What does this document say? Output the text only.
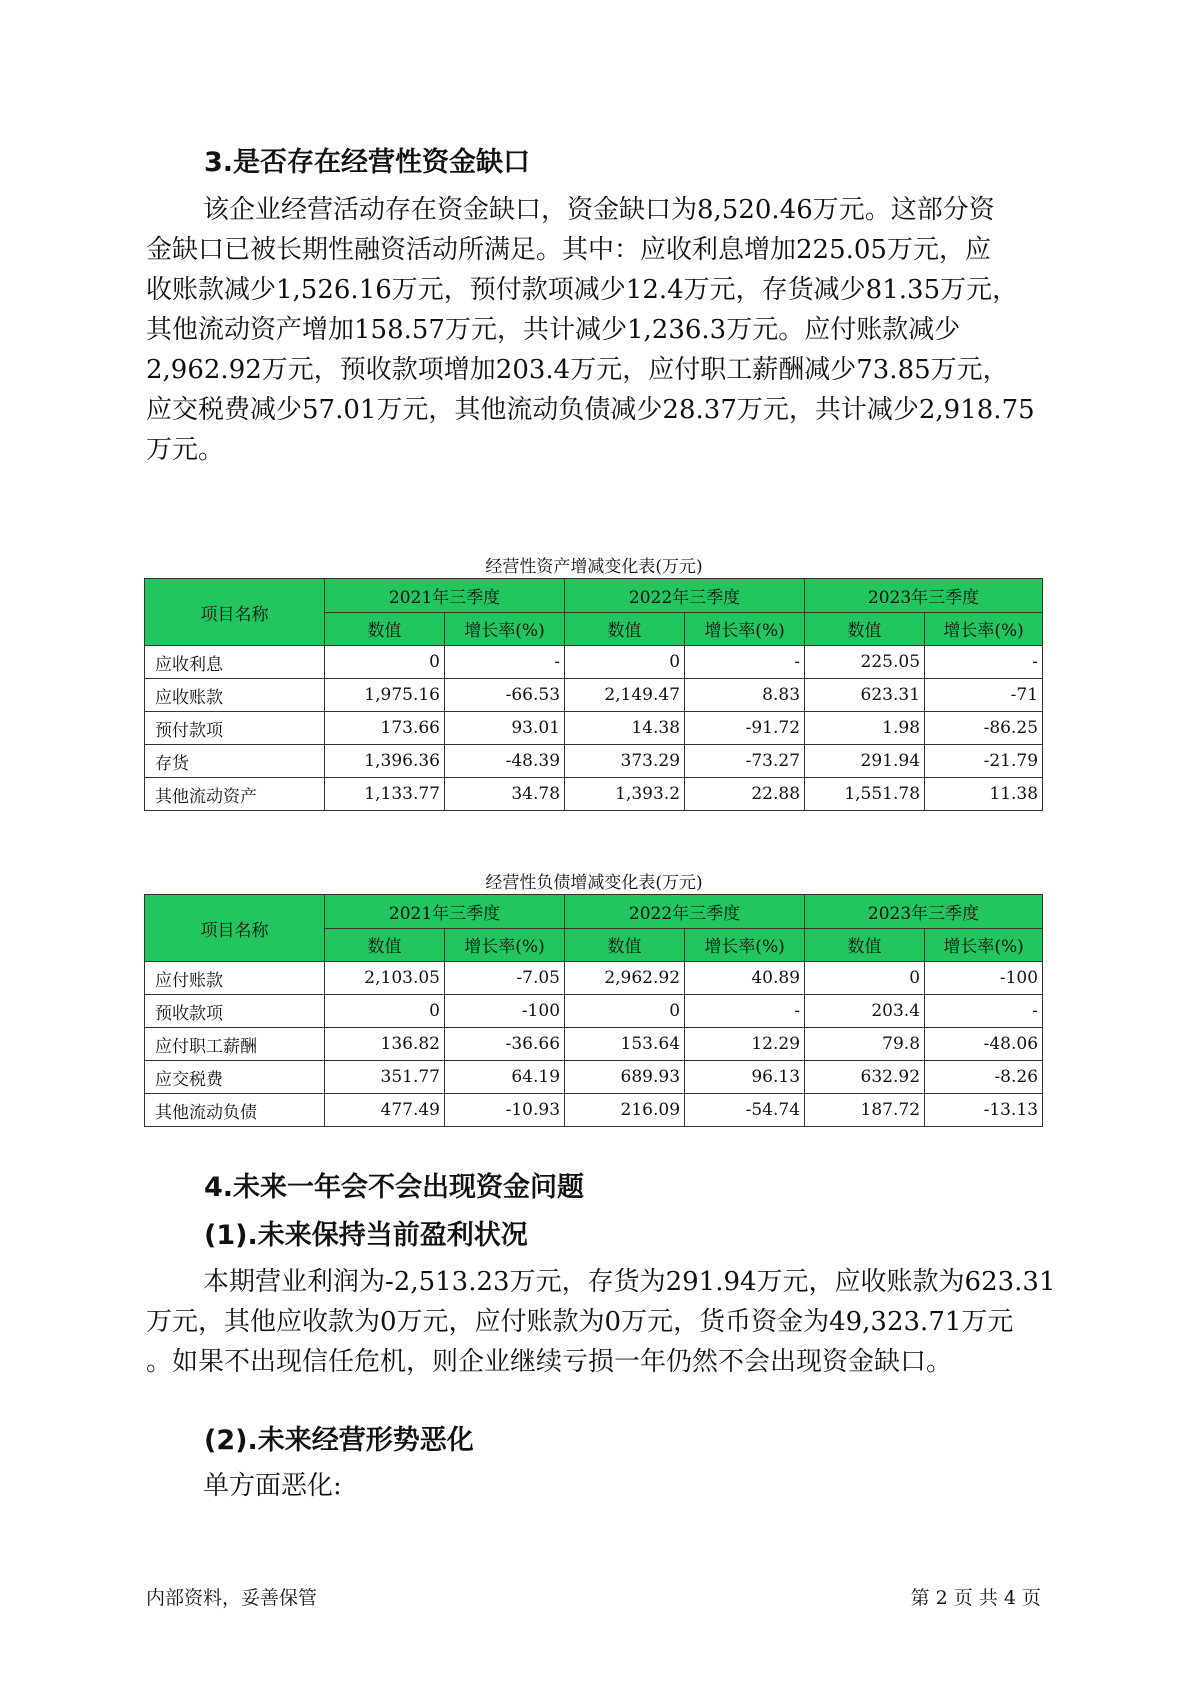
3.是否存在经营性资金缺口
该企业经营活动存在资金缺口，资金缺口为8,520.46万元。这部分资
金缺口已被长期性融资活动所满足。其中：应收利息增加225.05万元，应
收账款减少1,526.16万元，预付款项减少12.4万元，存货减少81.35万元，
其他流动资产增加158.57万元，共计减少1,236.3万元。应付账款减少
2,962.92万元，预收款项增加203.4万元，应付职工薪酬减少73.85万元，
应交税费减少57.01万元，其他流动负债减少28.37万元，共计减少2,918.75
万元。

经营性资产增减变化表(万元)

项目名称	2021年三季度		2022年三季度		2023年三季度	
	数值	增长率(%)	数值	增长率(%)	数值	增长率(%)
应收利息	0	-	0	-	225.05	-
应收账款	1,975.16	-66.53	2,149.47	8.83	623.31	-71
预付款项	173.66	93.01	14.38	-91.72	1.98	-86.25
存货	1,396.36	-48.39	373.29	-73.27	291.94	-21.79
其他流动资产	1,133.77	34.78	1,393.2	22.88	1,551.78	11.38

经营性负债增减变化表(万元)

项目名称	2021年三季度		2022年三季度		2023年三季度	
	数值	增长率(%)	数值	增长率(%)	数值	增长率(%)
应付账款	2,103.05	-7.05	2,962.92	40.89	0	-100
预收款项	0	-100	0	-	203.4	-
应付职工薪酬	136.82	-36.66	153.64	12.29	79.8	-48.06
应交税费	351.77	64.19	689.93	96.13	632.92	-8.26
其他流动负债	477.49	-10.93	216.09	-54.74	187.72	-13.13
4.未来一年会不会出现资金问题
(1).未来保持当前盈利状况
本期营业利润为-2,513.23万元，存货为291.94万元，应收账款为623.31
万元，其他应收款为0万元，应付账款为0万元，货币资金为49,323.71万元
。如果不出现信任危机，则企业继续亏损一年仍然不会出现资金缺口。
(2).未来经营形势恶化
单方面恶化:
内部资料，妥善保管	第 2 页 共 4 页
